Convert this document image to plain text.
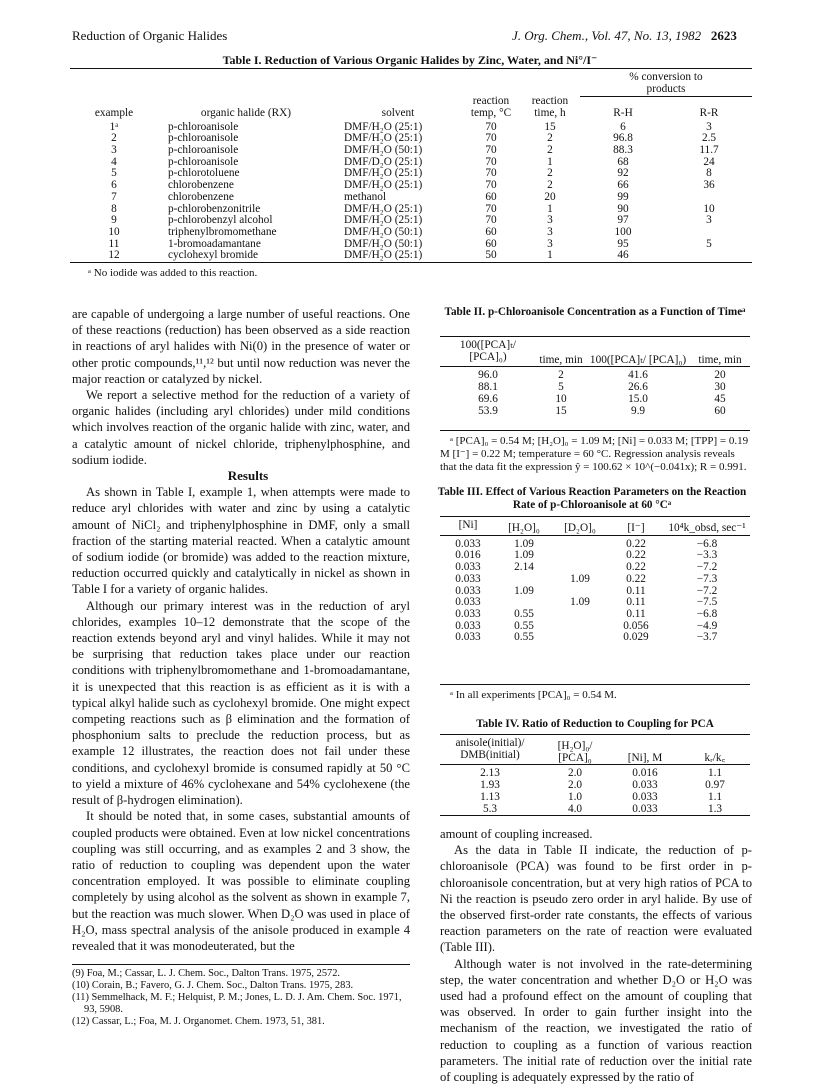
Reduction of Organic Halides	J. Org. Chem., Vol. 47, No. 13, 1982 2623
Table I. Reduction of Various Organic Halides by Zinc, Water, and Ni°/I⁻
					% conversion to products	
example	organic halide (RX)	solvent	reaction temp, °C	reaction time, h	R-H	R-R
1ᵃ	p-chloroanisole	DMF/H₂O (25:1)	70	15	6	3
2	p-chloroanisole	DMF/H₂O (25:1)	70	2	96.8	2.5
3	p-chloroanisole	DMF/H₂O (50:1)	70	2	88.3	11.7
4	p-chloroanisole	DMF/D₂O (25:1)	70	1	68	24
5	p-chlorotoluene	DMF/H₂O (25:1)	70	2	92	8
6	chlorobenzene	DMF/H₂O (25:1)	70	2	66	36
7	chlorobenzene	methanol	60	20	99	
8	p-chlorobenzonitrile	DMF/H₂O (25:1)	70	1	90	10
9	p-chlorobenzyl alcohol	DMF/H₂O (25:1)	70	3	97	3
10	triphenylbromomethane	DMF/H₂O (50:1)	60	3	100	
11	1-bromoadamantane	DMF/H₂O (50:1)	60	3	95	5
12	cyclohexyl bromide	DMF/H₂O (25:1)	50	1	46	
ᵃ No iodide was added to this reaction.						

are capable of undergoing a large number of useful reactions. One of these reactions (reduction) has been observed as a side reaction in reactions of aryl halides with Ni(0) in the presence of water or other protic compounds,¹¹,¹² but until now reduction was never the major reaction or catalyzed by nickel.

We report a selective method for the reduction of a variety of organic halides (including aryl chlorides) under mild conditions which involves reaction of the organic halide with zinc, water, and a catalytic amount of nickel chloride, triphenylphosphine, and sodium iodide.

Results

As shown in Table I, example 1, when attempts were made to reduce aryl chlorides with water and zinc by using a catalytic amount of NiCl₂ and triphenylphosphine in DMF, only a small fraction of the starting material reacted. When a catalytic amount of sodium iodide (or bromide) was added to the reaction mixture, reduction occurred quickly and catalytically in nickel as shown in Table I for a variety of organic halides.

Although our primary interest was in the reduction of aryl chlorides, examples 10–12 demonstrate that the scope of the reaction extends beyond aryl and vinyl halides. While it may not be surprising that reduction takes place under our reaction conditions with triphenylbromomethane and 1-bromoadamantane, it is unexpected that this reaction is as efficient as it is with a typical alkyl halide such as cyclohexyl bromide. One might expect competing reactions such as β elimination and the formation of phosphonium salts to preclude the reduction process, but as example 12 illustrates, the reaction does not fail under these conditions, and cyclohexyl bromide is consumed rapidly at 50 °C to yield a mixture of 46% cyclohexane and 54% cyclohexene (the result of β-hydrogen elimination).

It should be noted that, in some cases, substantial amounts of coupled products were obtained. Even at low nickel concentrations coupling was still occurring, and as examples 2 and 3 show, the ratio of reduction to coupling was dependent upon the water concentration employed. It was possible to eliminate coupling completely by using alcohol as the solvent as shown in example 7, but the reaction was much slower. When D₂O was used in place of H₂O, mass spectral analysis of the anisole produced in example 4 revealed that it was monodeuterated, but the

(9) Foa, M.; Cassar, L. J. Chem. Soc., Dalton Trans. 1975, 2572.
(10) Corain, B.; Favero, G. J. Chem. Soc., Dalton Trans. 1975, 283.
(11) Semmelhack, M. F.; Helquist, P. M.; Jones, L. D. J. Am. Chem. Soc. 1971, 93, 5908.
(12) Cassar, L.; Foa, M. J. Organomet. Chem. 1973, 51, 381.
Table II. p-Chloroanisole Concentration as a Function of Timeᵃ
100([PCA]ₜ/ [PCA]₀)	time, min	100([PCA]ₜ/ [PCA]₀)	time, min
96.0	2	41.6	20
88.1	5	26.6	30
69.6	10	15.0	45
53.9	15	9.9	60
ᵃ [PCA]₀ = 0.54 M; [H₂O]₀ = 1.09 M; [Ni] = 0.033 M; [TPP] = 0.19 M [I⁻] = 0.22 M; temperature = 60 °C. Regression analysis reveals that the data fit the expression ŷ = 100.62 × 10^(−0.041x); R = 0.991.
Table III. Effect of Various Reaction Parameters on the Reaction Rate of p-Chloroanisole at 60 °Cᵃ
[Ni]	[H₂O]₀	[D₂O]₀	[I⁻]	10⁴k_obsd, sec⁻¹
0.033	1.09		0.22	−6.8
0.016	1.09		0.22	−3.3
0.033	2.14		0.22	−7.2
0.033		1.09	0.22	−7.3
0.033	1.09		0.11	−7.2
0.033		1.09	0.11	−7.5
0.033	0.55		0.11	−6.8
0.033	0.55		0.056	−4.9
0.033	0.55		0.029	−3.7
ᵃ In all experiments [PCA]₀ = 0.54 M.
Table IV. Ratio of Reduction to Coupling for PCA
anisole(initial)/ DMB(initial)	[H₂O]₀/ [PCA]₀	[Ni], M	kᵣ/k꜀
2.13	2.0	0.016	1.1
1.93	2.0	0.033	0.97
1.13	1.0	0.033	1.1
5.3	4.0	0.033	1.3

amount of coupling increased.

As the data in Table II indicate, the reduction of p-chloroanisole (PCA) was found to be first order in p-chloroanisole concentration, but at very high ratios of PCA to Ni the reaction is pseudo zero order in aryl halide. By use of the observed first-order rate constants, the effects of various reaction parameters on the rate of reaction were evaluated (Table III).

Although water is not involved in the rate-determining step, the water concentration and whether D₂O or H₂O was used had a profound effect on the amount of coupling that was observed. In order to gain further insight into the mechanism of the reaction, we investigated the ratio of reduction to coupling as a function of various reaction parameters. The initial rate of reduction over the initial rate of coupling is adequately expressed by the ratio of
